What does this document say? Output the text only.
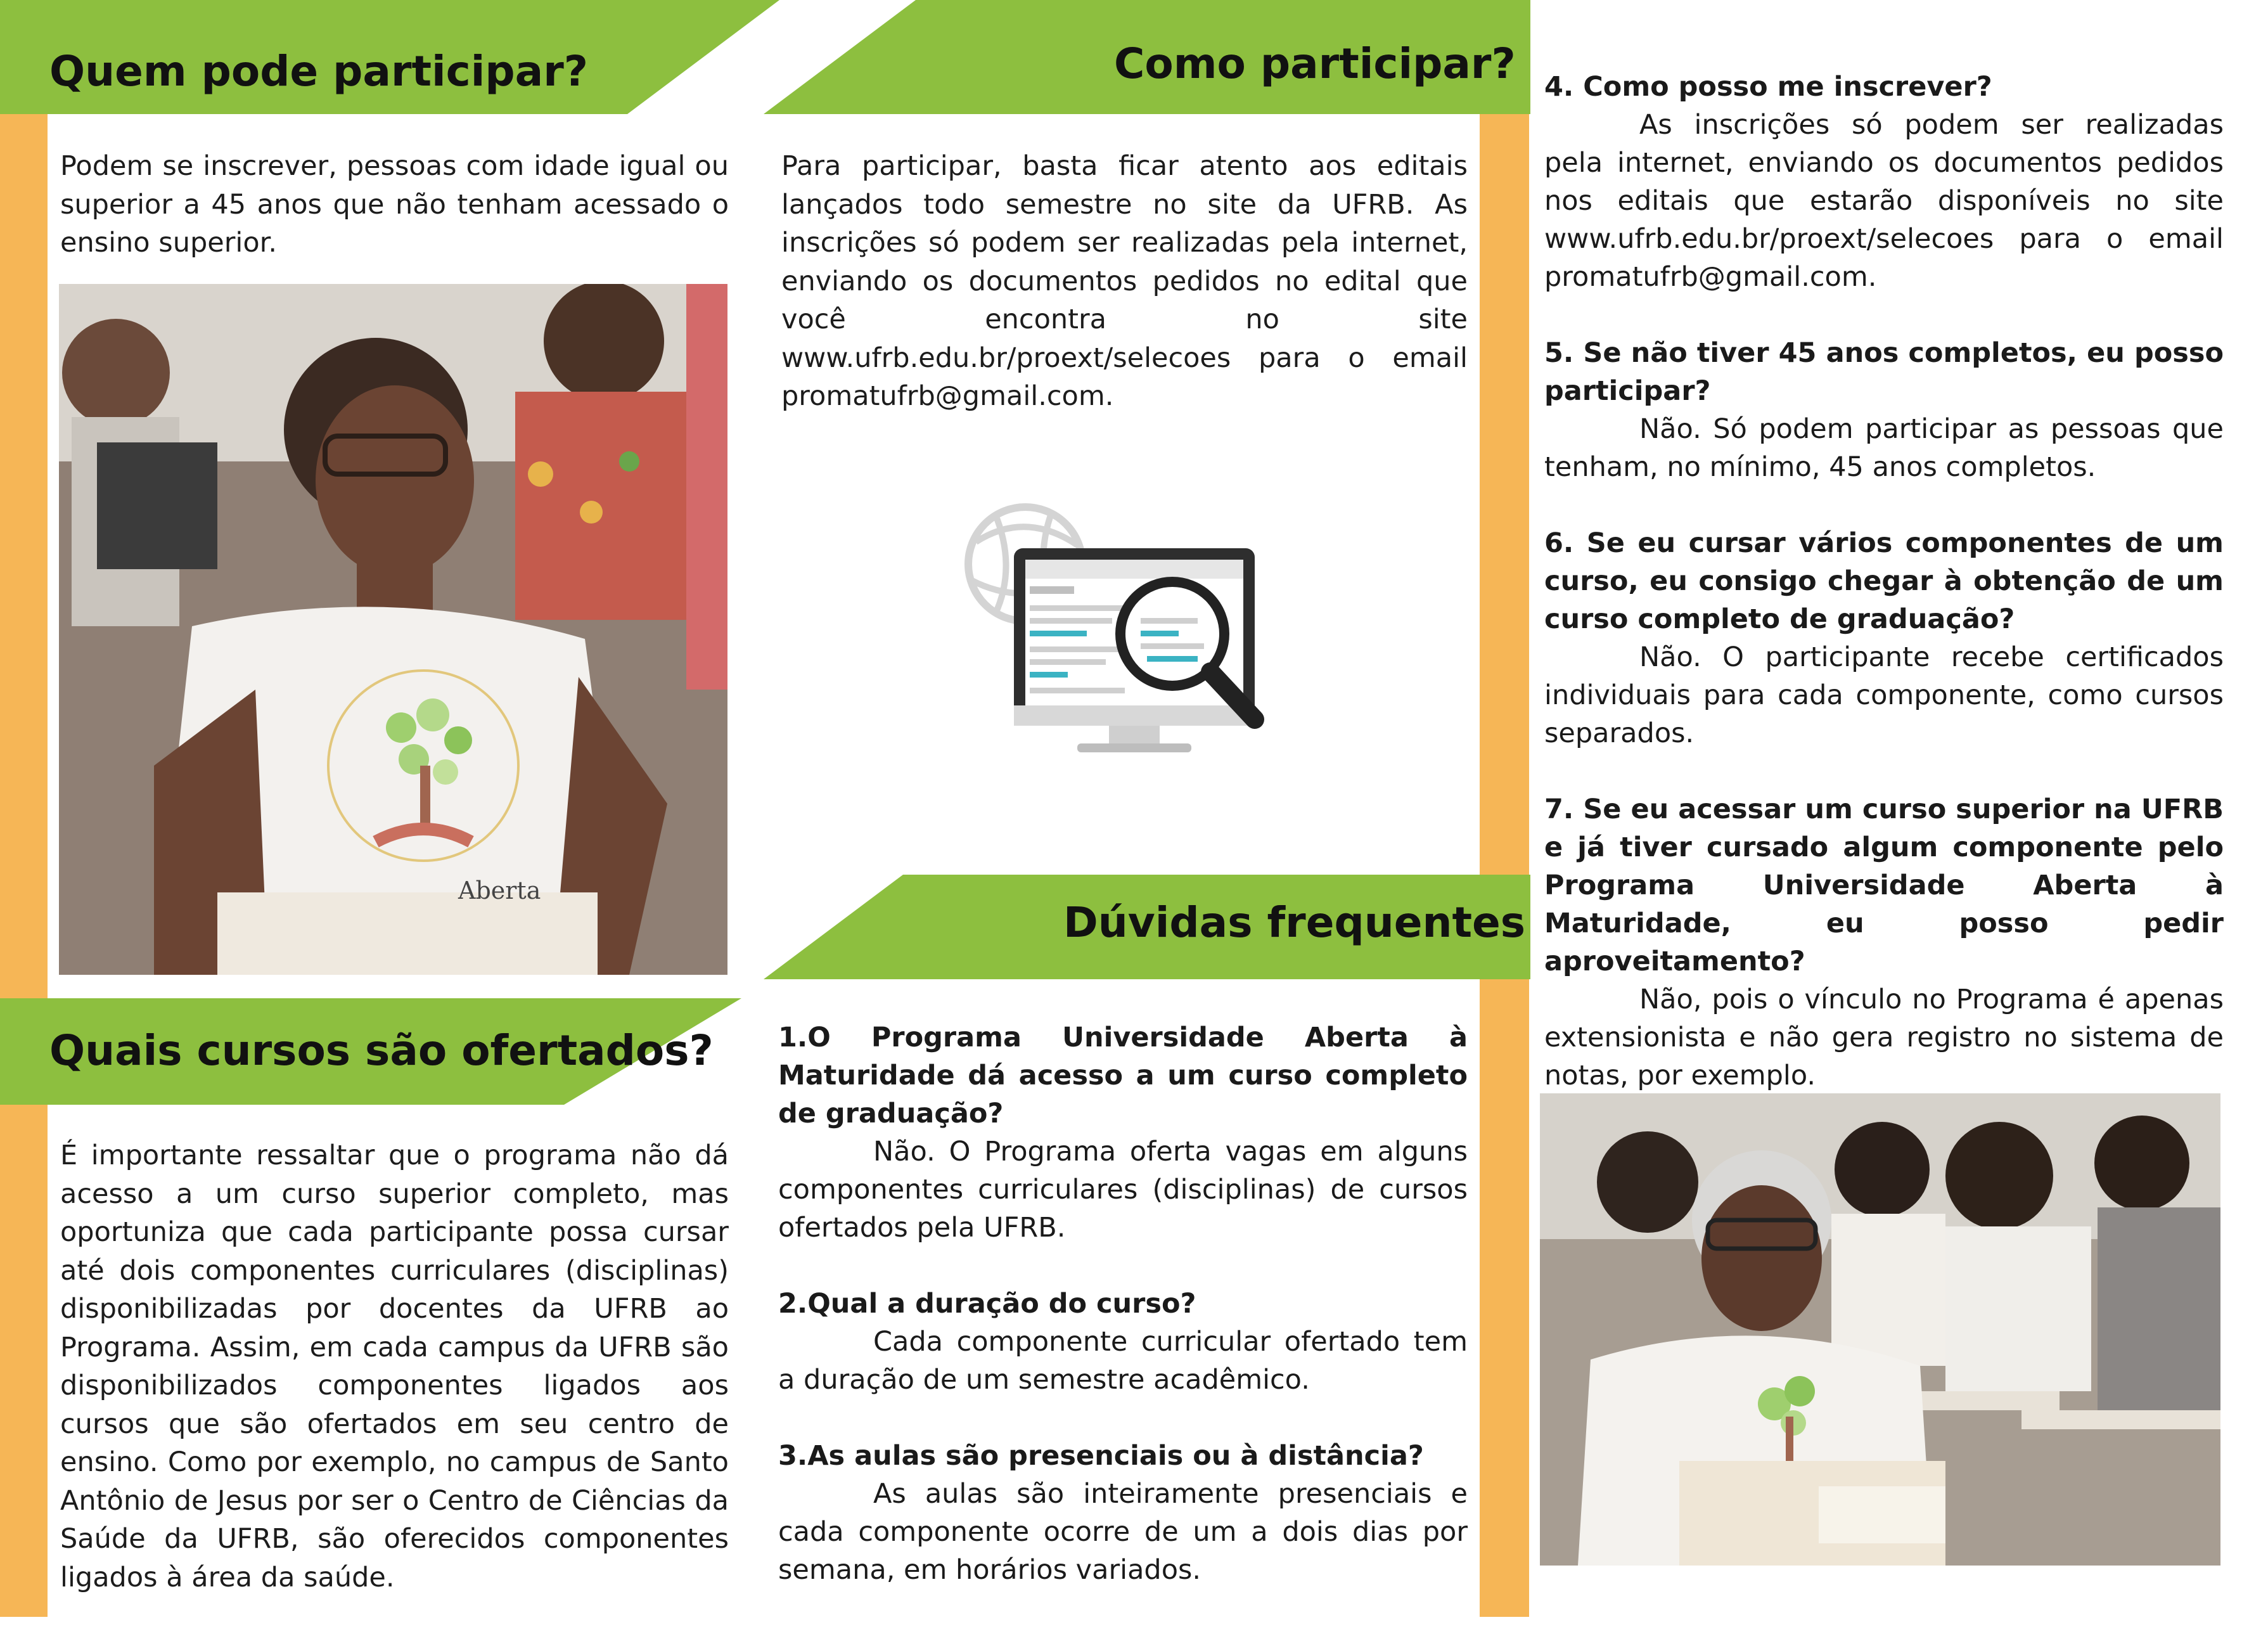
Quem pode participar?

Podem se inscrever, pessoas com idade igual ou superior a 45 anos que não tenham acessado o ensino superior.

Aberta
Quais cursos são ofertados?

É importante ressaltar que o programa não dá acesso a um curso superior completo, mas oportuniza que cada participante possa cursar até dois componentes curriculares (disciplinas) disponibilizadas por docentes da UFRB ao Programa. Assim, em cada campus da UFRB são disponibilizados componentes ligados aos cursos que são ofertados em seu centro de ensino. Como por exemplo, no campus de Santo Antônio de Jesus por ser o Centro de Ciências da Saúde da UFRB, são oferecidos componentes ligados à área da saúde.

Como participar?

Para participar, basta ficar atento aos editais lançados todo semestre no site da UFRB. As inscrições só podem ser realizadas pela internet, enviando os documentos pedidos no edital que você encontra no site www.ufrb.edu.br/proext/selecoes para o email promatufrb@gmail.com.

Dúvidas frequentes

1.O Programa Universidade Aberta à Maturidade dá acesso a um curso completo de graduação?

Não. O Programa oferta vagas em alguns componentes curriculares (disciplinas) de cursos ofertados pela UFRB.

2.Qual a duração do curso?

Cada componente curricular ofertado tem a duração de um semestre acadêmico.

3.As aulas são presenciais ou à distância?

As aulas são inteiramente presenciais e cada componente ocorre de um a dois dias por semana, em horários variados.

4. Como posso me inscrever?

As inscrições só podem ser realizadas pela internet, enviando os documentos pedidos nos editais que estarão disponíveis no site www.ufrb.edu.br/proext/selecoes para o email promatufrb@gmail.com.

5. Se não tiver 45 anos completos, eu posso participar?

Não. Só podem participar as pessoas que tenham, no mínimo, 45 anos completos.

6. Se eu cursar vários componentes de um curso, eu consigo chegar à obtenção de um curso completo de graduação?

Não. O participante recebe certificados individuais para cada componente, como cursos separados.

7. Se eu acessar um curso superior na UFRB e já tiver cursado algum componente pelo Programa Universidade Aberta à Maturidade, eu posso pedir aproveitamento?

Não, pois o vínculo no Programa é apenas extensionista e não gera registro no sistema de notas, por exemplo.
